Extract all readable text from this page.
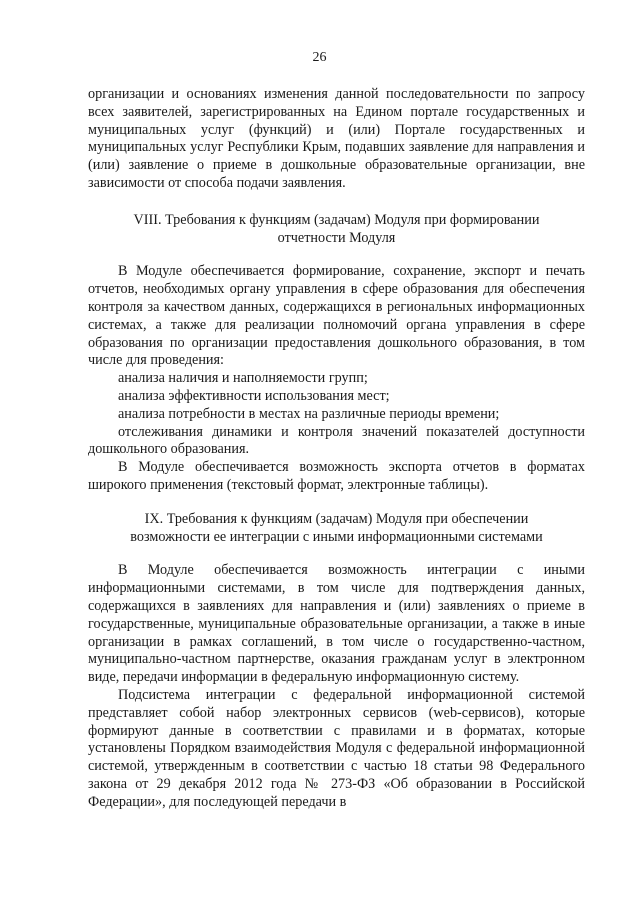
26

организации и основаниях изменения данной последовательности по запросу всех заявителей, зарегистрированных на Едином портале государственных и муниципальных услуг (функций) и (или) Портале государственных и муниципальных услуг Республики Крым, подавших заявление для направления и (или) заявление о приеме в дошкольные образовательные организации, вне зависимости от способа подачи заявления.

VIII. Требования к функциям (задачам) Модуля при формировании
отчетности Модуля

В Модуле обеспечивается формирование, сохранение, экспорт и печать отчетов, необходимых органу управления в сфере образования для обеспечения контроля за качеством данных, содержащихся в региональных информационных системах, а также для реализации полномочий органа управления в сфере образования по организации предоставления дошкольного образования, в том числе для проведения:

анализа наличия и наполняемости групп;

анализа эффективности использования мест;

анализа потребности в местах на различные периоды времени;

отслеживания динамики и контроля значений показателей доступности дошкольного образования.

В Модуле обеспечивается возможность экспорта отчетов в форматах широкого применения (текстовый формат, электронные таблицы).

IX. Требования к функциям (задачам) Модуля при обеспечении
возможности ее интеграции с иными информационными системами

В Модуле обеспечивается возможность интеграции с иными информационными системами, в том числе для подтверждения данных, содержащихся в заявлениях для направления и (или) заявлениях о приеме в государственные, муниципальные образовательные организации, а также в иные организации в рамках соглашений, в том числе о государственно-частном, муниципально-частном партнерстве, оказания гражданам услуг в электронном виде, передачи информации в федеральную информационную систему.

Подсистема интеграции с федеральной информационной системой представляет собой набор электронных сервисов (web-сервисов), которые формируют данные в соответствии с правилами и в форматах, которые установлены Порядком взаимодействия Модуля с федеральной информационной системой, утвержденным в соответствии с частью 18 статьи 98 Федерального закона от 29 декабря 2012 года № 273-ФЗ «Об образовании в Российской Федерации», для последующей передачи в
